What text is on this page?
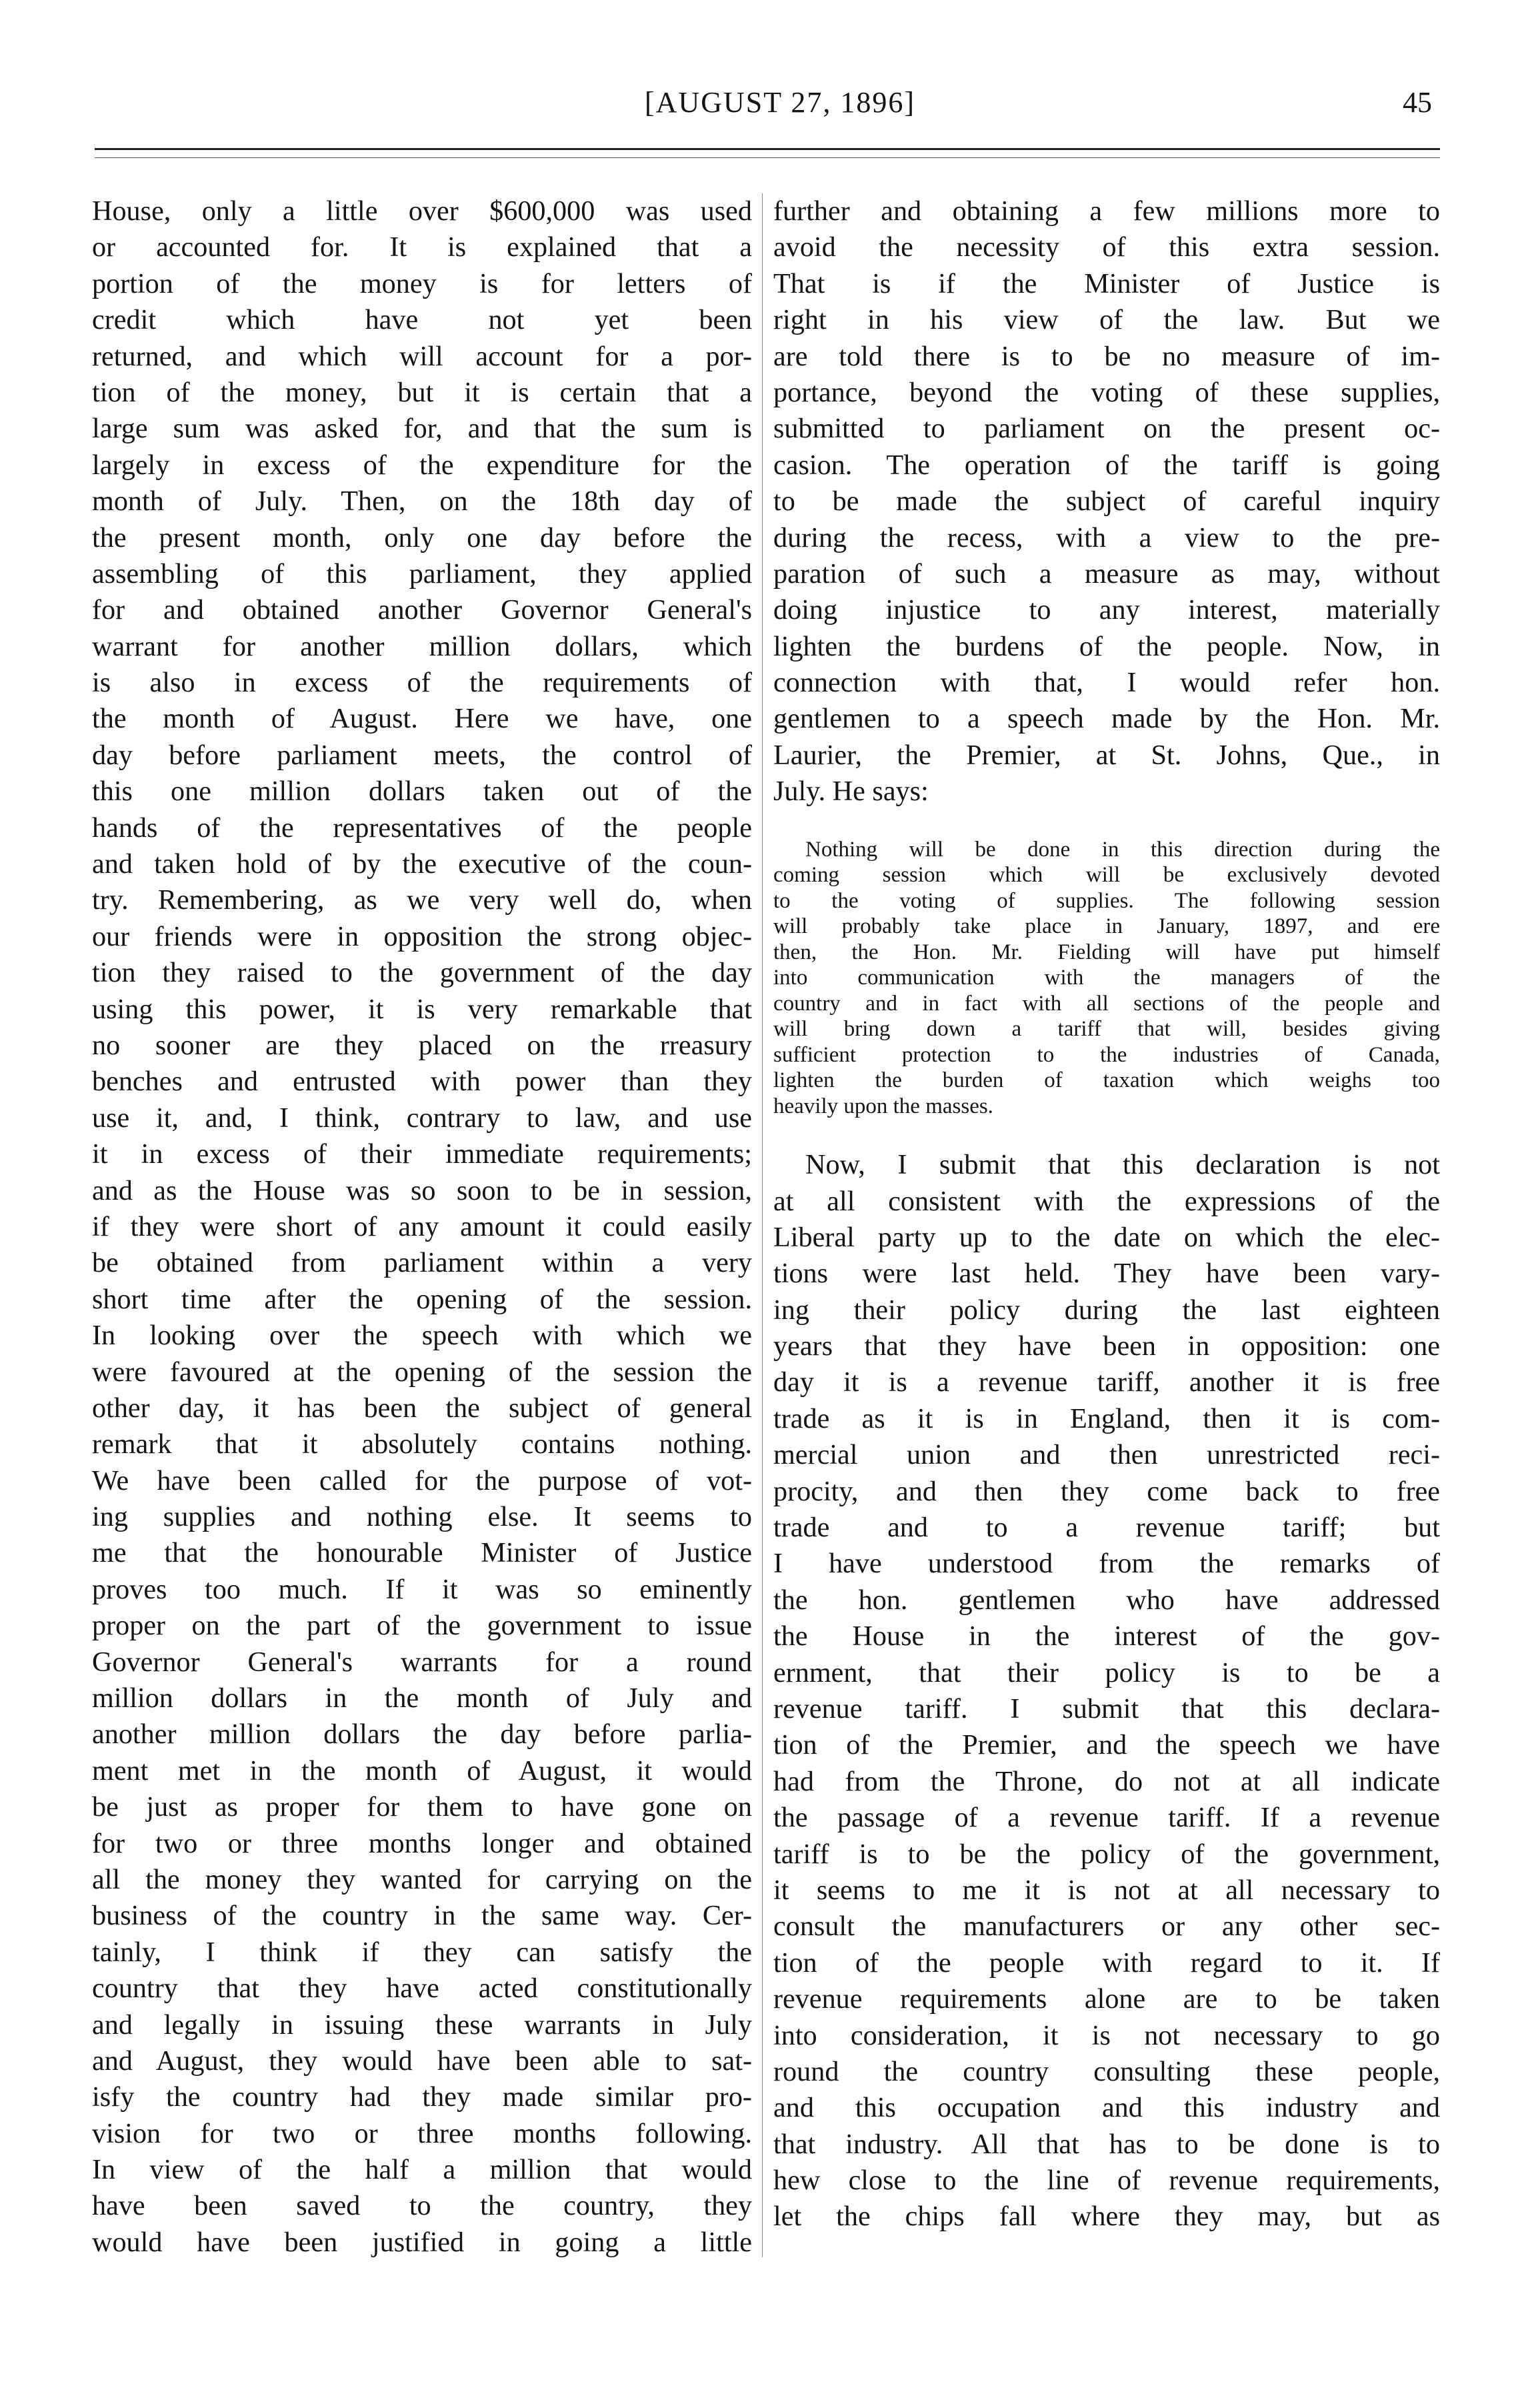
[AUGUST 27, 1896]	45
House, only a little over $600,000 was used
or accounted for. It is explained that a
portion of the money is for letters of
credit which have not yet been
returned, and which will account for a por-
tion of the money, but it is certain that a
large sum was asked for, and that the sum is
largely in excess of the expenditure for the
month of July. Then, on the 18th day of
the present month, only one day before the
assembling of this parliament, they applied
for and obtained another Governor General's
warrant for another million dollars, which
is also in excess of the requirements of
the month of August. Here we have, one
day before parliament meets, the control of
this one million dollars taken out of the
hands of the representatives of the people
and taken hold of by the executive of the coun-
try. Remembering, as we very well do, when
our friends were in opposition the strong objec-
tion they raised to the government of the day
using this power, it is very remarkable that
no sooner are they placed on the rreasury
benches and entrusted with power than they
use it, and, I think, contrary to law, and use
it in excess of their immediate requirements;
and as the House was so soon to be in session,
if they were short of any amount it could easily
be obtained from parliament within a very
short time after the opening of the session.
In looking over the speech with which we
were favoured at the opening of the session the
other day, it has been the subject of general
remark that it absolutely contains nothing.
We have been called for the purpose of vot-
ing supplies and nothing else. It seems to
me that the honourable Minister of Justice
proves too much. If it was so eminently
proper on the part of the government to issue
Governor General's warrants for a round
million dollars in the month of July and
another million dollars the day before parlia-
ment met in the month of August, it would
be just as proper for them to have gone on
for two or three months longer and obtained
all the money they wanted for carrying on the
business of the country in the same way. Cer-
tainly, I think if they can satisfy the
country that they have acted constitutionally
and legally in issuing these warrants in July
and August, they would have been able to sat-
isfy the country had they made similar pro-
vision for two or three months following.
In view of the half a million that would
have been saved to the country, they
would have been justified in going a little
further and obtaining a few millions more to
avoid the necessity of this extra session.
That is if the Minister of Justice is
right in his view of the law. But we
are told there is to be no measure of im-
portance, beyond the voting of these supplies,
submitted to parliament on the present oc-
casion. The operation of the tariff is going
to be made the subject of careful inquiry
during the recess, with a view to the pre-
paration of such a measure as may, without
doing injustice to any interest, materially
lighten the burdens of the people. Now, in
connection with that, I would refer hon.
gentlemen to a speech made by the Hon. Mr.
Laurier, the Premier, at St. Johns, Que., in
July. He says:
Nothing will be done in this direction during the
coming session which will be exclusively devoted
to the voting of supplies. The following session
will probably take place in January, 1897, and ere
then, the Hon. Mr. Fielding will have put himself
into communication with the managers of the
country and in fact with all sections of the people and
will bring down a tariff that will, besides giving
sufficient protection to the industries of Canada,
lighten the burden of taxation which weighs too
heavily upon the masses.
Now, I submit that this declaration is not
at all consistent with the expressions of the
Liberal party up to the date on which the elec-
tions were last held. They have been vary-
ing their policy during the last eighteen
years that they have been in opposition: one
day it is a revenue tariff, another it is free
trade as it is in England, then it is com-
mercial union and then unrestricted reci-
procity, and then they come back to free
trade and to a revenue tariff; but
I have understood from the remarks of
the hon. gentlemen who have addressed
the House in the interest of the gov-
ernment, that their policy is to be a
revenue tariff. I submit that this declara-
tion of the Premier, and the speech we have
had from the Throne, do not at all indicate
the passage of a revenue tariff. If a revenue
tariff is to be the policy of the government,
it seems to me it is not at all necessary to
consult the manufacturers or any other sec-
tion of the people with regard to it. If
revenue requirements alone are to be taken
into consideration, it is not necessary to go
round the country consulting these people,
and this occupation and this industry and
that industry. All that has to be done is to
hew close to the line of revenue requirements,
let the chips fall where they may, but as
